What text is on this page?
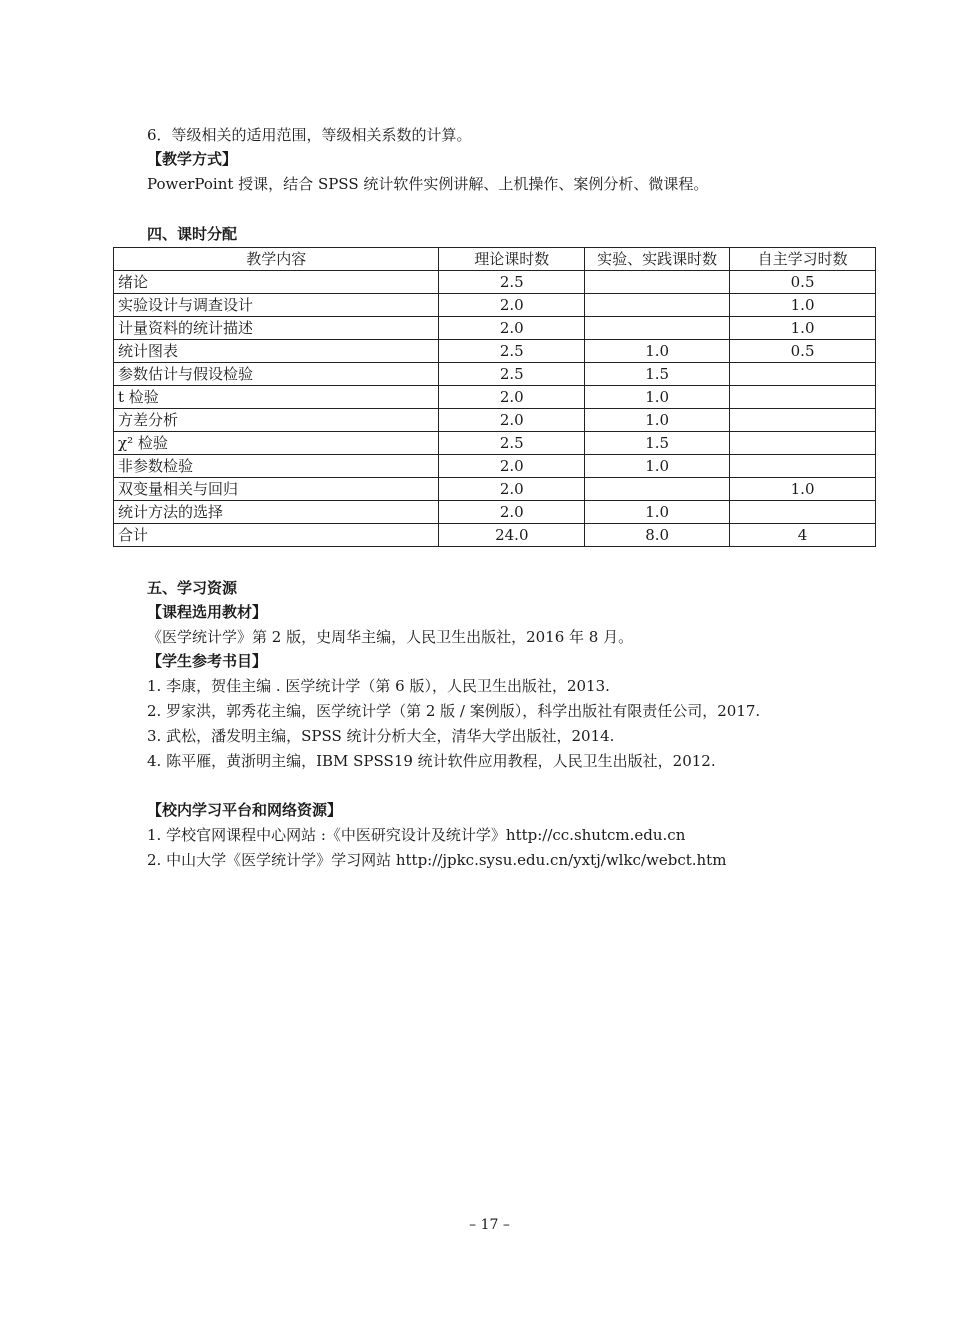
6．等级相关的适用范围，等级相关系数的计算。
【教学方式】
PowerPoint 授课，结合 SPSS 统计软件实例讲解、上机操作、案例分析、微课程。
四、课时分配
教学内容	理论课时数	实验、实践课时数	自主学习时数
绪论	2.5		0.5
实验设计与调查设计	2.0		1.0
计量资料的统计描述	2.0		1.0
统计图表	2.5	1.0	0.5
参数估计与假设检验	2.5	1.5	
t 检验	2.0	1.0	
方差分析	2.0	1.0	
χ² 检验	2.5	1.5	
非参数检验	2.0	1.0	
双变量相关与回归	2.0		1.0
统计方法的选择	2.0	1.0	
合计	24.0	8.0	4
五、学习资源
【课程选用教材】
《医学统计学》第 2 版，史周华主编，人民卫生出版社，2016 年 8 月。
【学生参考书目】
1. 李康，贺佳主编 . 医学统计学（第 6 版），人民卫生出版社，2013.
2. 罗家洪，郭秀花主编，医学统计学（第 2 版 / 案例版），科学出版社有限责任公司，2017.
3. 武松，潘发明主编，SPSS 统计分析大全，清华大学出版社，2014.
4. 陈平雁，黄浙明主编，IBM SPSS19 统计软件应用教程，人民卫生出版社，2012.
【校内学习平台和网络资源】
1. 学校官网课程中心网站 :《中医研究设计及统计学》http://cc.shutcm.edu.cn
2. 中山大学《医学统计学》学习网站 http://jpkc.sysu.edu.cn/yxtj/wlkc/webct.htm
– 17 –
